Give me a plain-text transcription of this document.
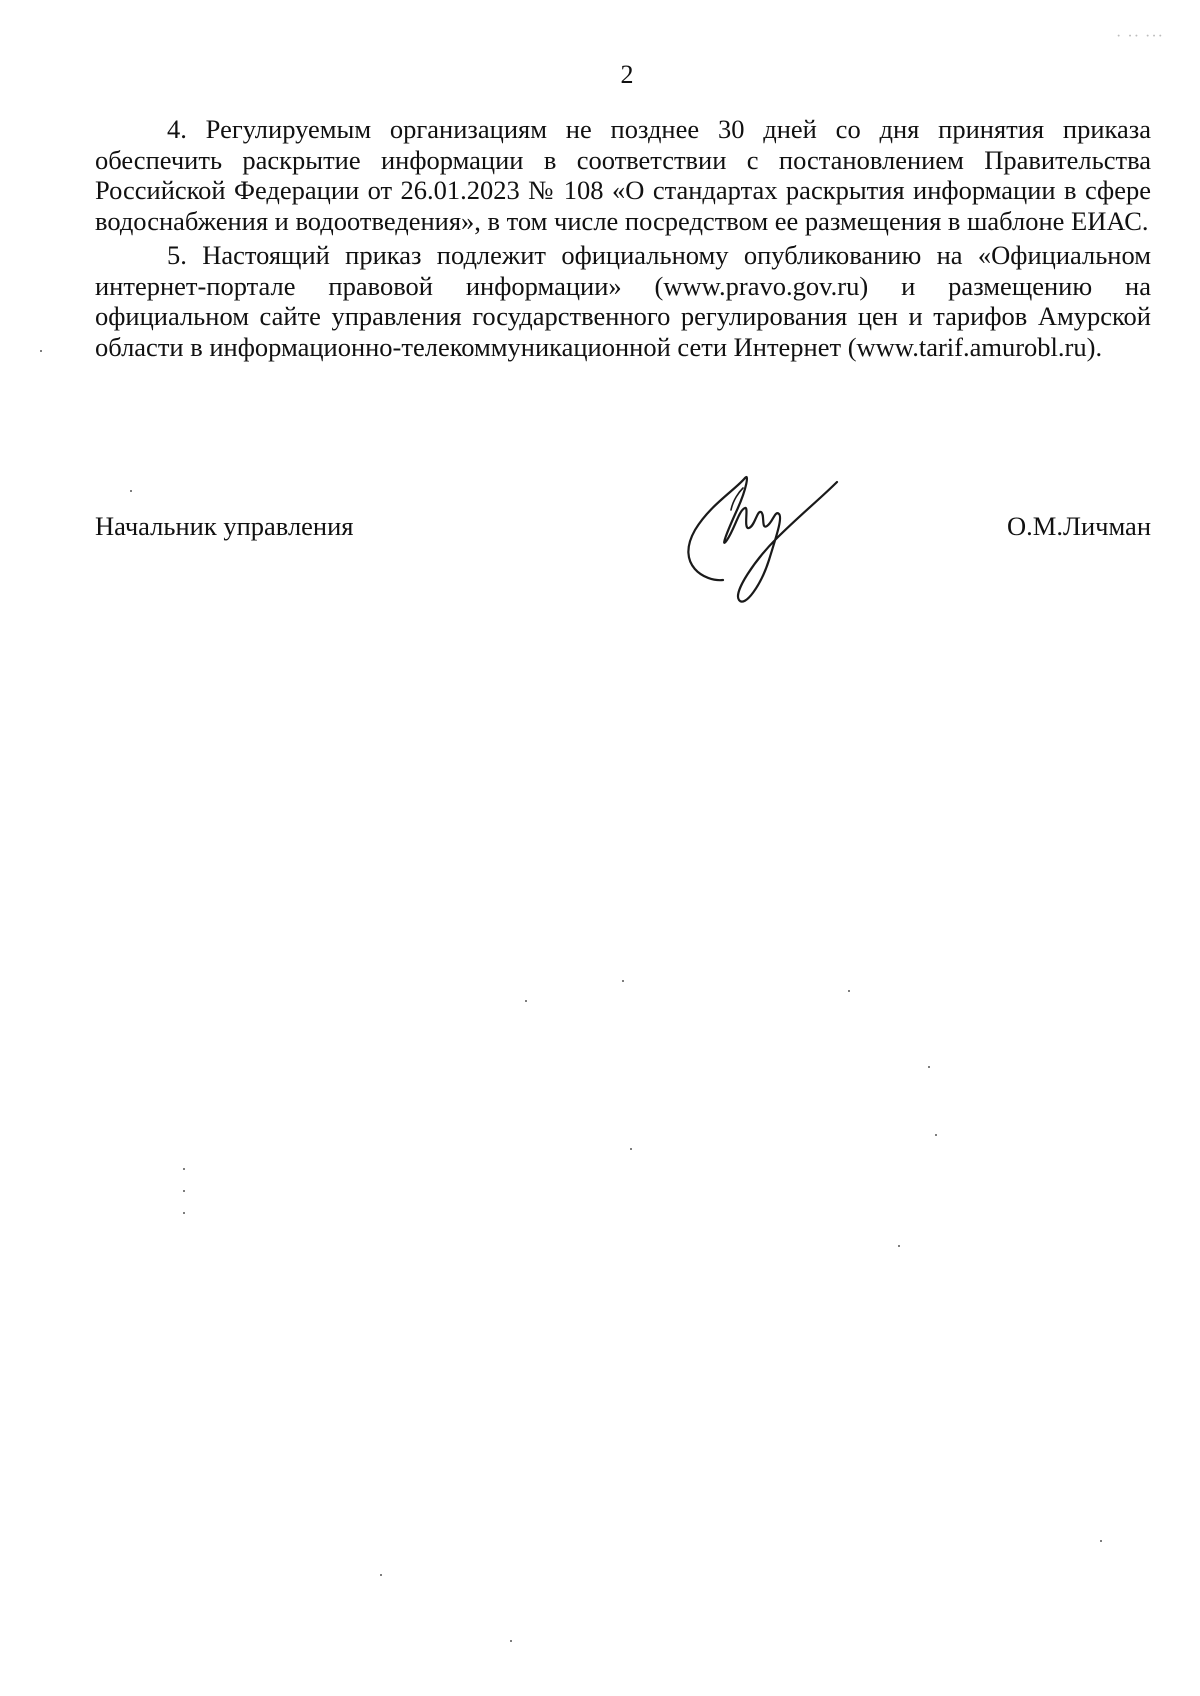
2
· ·· ···

4. Регулируемым организациям не позднее 30 дней со дня принятия приказа обеспечить раскрытие информации в соответствии с постановлением Правительства Российской Федерации от 26.01.2023 № 108 «О стандартах раскрытия информации в сфере водоснабжения и водоотведения», в том числе посредством ее размещения в шаблоне ЕИАС.

5. Настоящий приказ подлежит официальному опубликованию на «Официальном интернет-портале правовой информации» (www.pravo.gov.ru) и размещению на официальном сайте управления государственного регулирования цен и тарифов Амурской области в информационно-телекоммуникационной сети Интернет (www.tarif.amurobl.ru).

Начальник управления	О.М.Личман
